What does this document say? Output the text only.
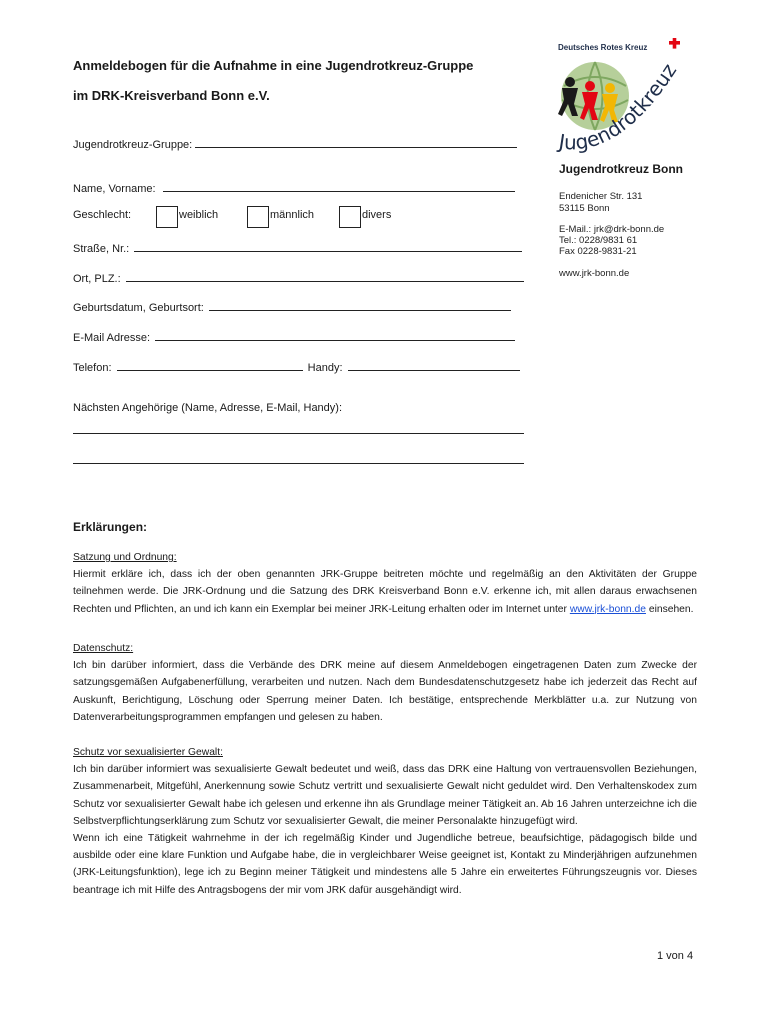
Anmeldebogen für die Aufnahme in eine Jugendrotkreuz-Gruppe
im DRK-Kreisverband Bonn e.V.
Deutsches Rotes Kreuz
Jugendrotkreuz
Jugendrotkreuz Bonn
Endenicher Str. 131
53115 Bonn
E-Mail.: jrk@drk-bonn.de
Tel.: 0228/9831 61
Fax 0228-9831-21
www.jrk-bonn.de
Jugendrotkreuz-Gruppe:
Name, Vorname:
Geschlecht:	weiblich	männlich	divers
Straße, Nr.:
Ort, PLZ.:
Geburtsdatum, Geburtsort:
E-Mail Adresse:
Telefon:	Handy:
Nächsten Angehörige (Name, Adresse, E-Mail, Handy):
Erklärungen:
Satzung und Ordnung:
Hiermit erkläre ich, dass ich der oben genannten JRK-Gruppe beitreten möchte und regelmäßig an den Aktivitäten der Gruppe teilnehmen werde. Die JRK-Ordnung und die Satzung des DRK Kreisverband Bonn e.V. erkenne ich, mit allen daraus erwachsenen Rechten und Pflichten, an und ich kann ein Exemplar bei meiner JRK-Leitung erhalten oder im Internet unter www.jrk-bonn.de einsehen.
Datenschutz:
Ich bin darüber informiert, dass die Verbände des DRK meine auf diesem Anmeldebogen eingetragenen Daten zum Zwecke der satzungsgemäßen Aufgabenerfüllung, verarbeiten und nutzen. Nach dem Bundesdatenschutzgesetz habe ich jederzeit das Recht auf Auskunft, Berichtigung, Löschung oder Sperrung meiner Daten. Ich bestätige, entsprechende Merkblätter u.a. zur Nutzung von Datenverarbeitungsprogrammen empfangen und gelesen zu haben.
Schutz vor sexualisierter Gewalt:
Ich bin darüber informiert was sexualisierte Gewalt bedeutet und weiß, dass das DRK eine Haltung von vertrauensvollen Beziehungen, Zusammenarbeit, Mitgefühl, Anerkennung sowie Schutz vertritt und sexualisierte Gewalt nicht geduldet wird. Den Verhaltenskodex zum Schutz vor sexualisierter Gewalt habe ich gelesen und erkenne ihn als Grundlage meiner Tätigkeit an. Ab 16 Jahren unterzeichne ich die Selbstverpflichtungserklärung zum Schutz vor sexualisierter Gewalt, die meiner Personalakte hinzugefügt wird.
Wenn ich eine Tätigkeit wahrnehme in der ich regelmäßig Kinder und Jugendliche betreue, beaufsichtige, pädagogisch bilde und ausbilde oder eine klare Funktion und Aufgabe habe, die in vergleichbarer Weise geeignet ist, Kontakt zu Minderjährigen aufzunehmen (JRK-Leitungsfunktion), lege ich zu Beginn meiner Tätigkeit und mindestens alle 5 Jahre ein erweitertes Führungszeugnis vor. Dieses beantrage ich mit Hilfe des Antragsbogens der mir vom JRK dafür ausgehändigt wird.
1 von 4
